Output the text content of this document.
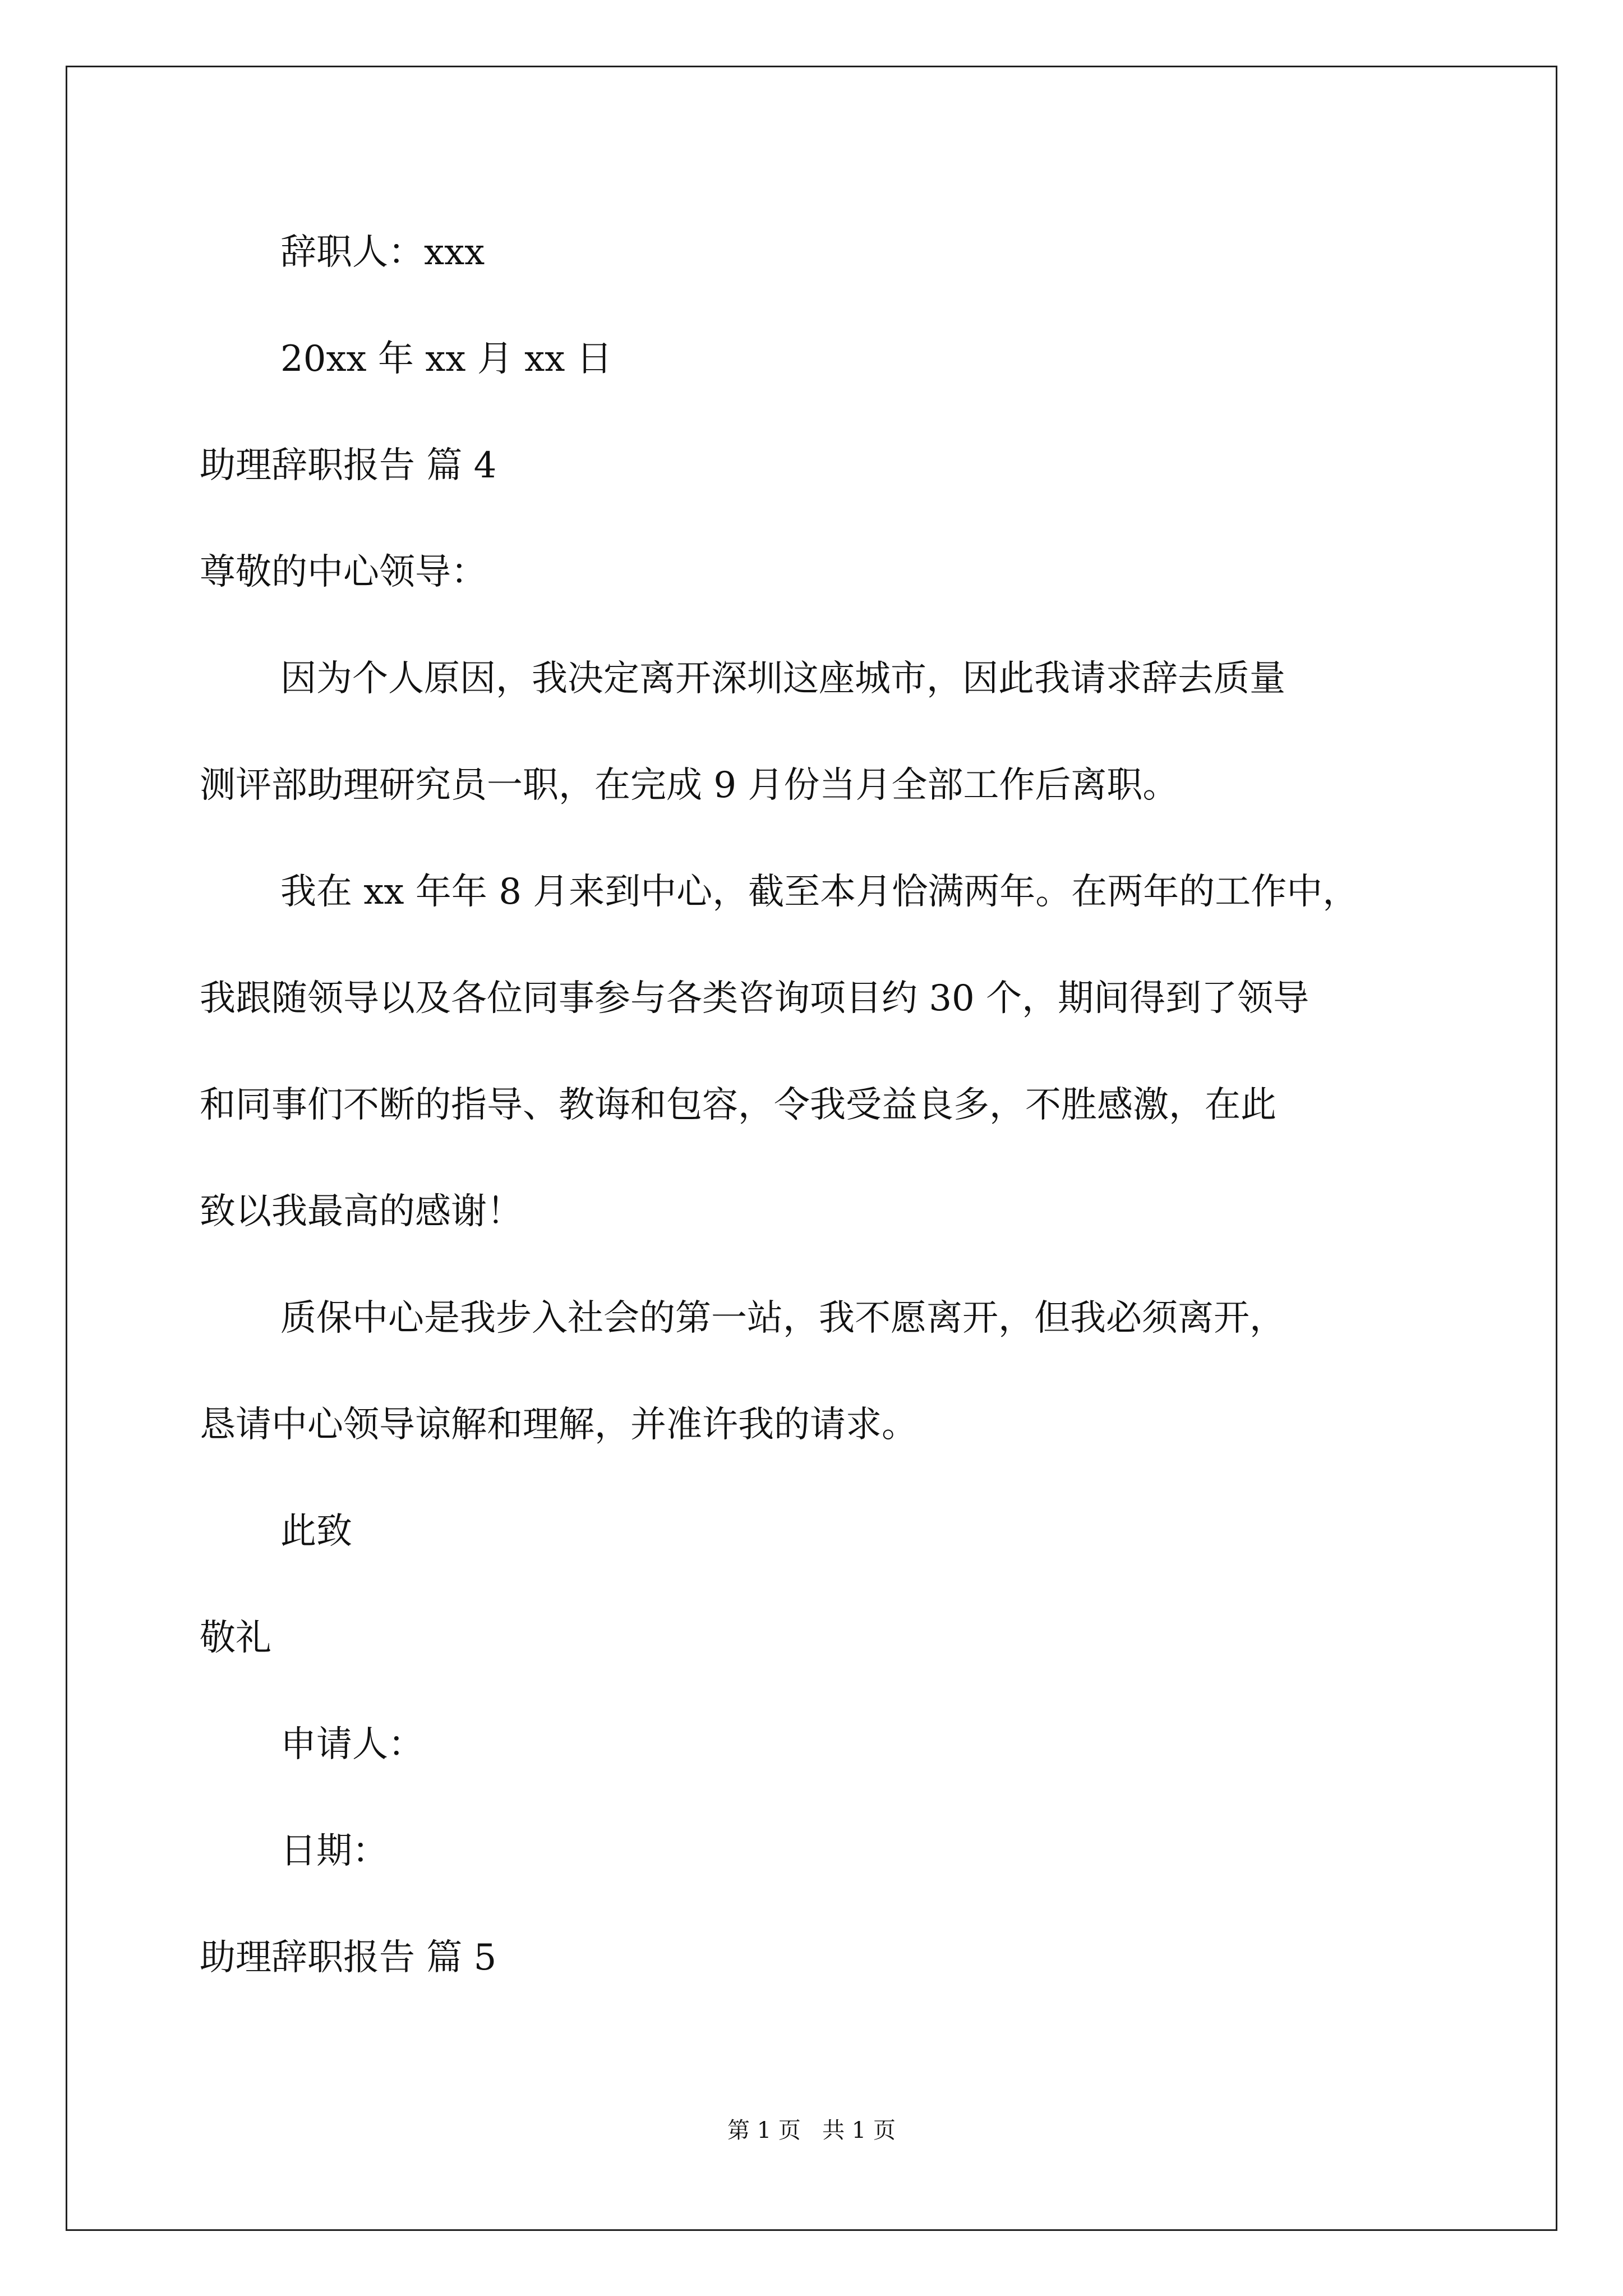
辞职人：xxx
20xx 年 xx 月 xx 日
助理辞职报告 篇 4
尊敬的中心领导：
因为个人原因，我决定离开深圳这座城市，因此我请求辞去质量
测评部助理研究员一职，在完成 9 月份当月全部工作后离职。
我在 xx 年年 8 月来到中心，截至本月恰满两年。在两年的工作中，
我跟随领导以及各位同事参与各类咨询项目约 30 个，期间得到了领导
和同事们不断的指导、教诲和包容，令我受益良多，不胜感激，在此
致以我最高的感谢！
质保中心是我步入社会的第一站，我不愿离开，但我必须离开，
恳请中心领导谅解和理解，并准许我的请求。
此致
敬礼
申请人：
日期：
助理辞职报告 篇 5
第 1 页   共 1 页
